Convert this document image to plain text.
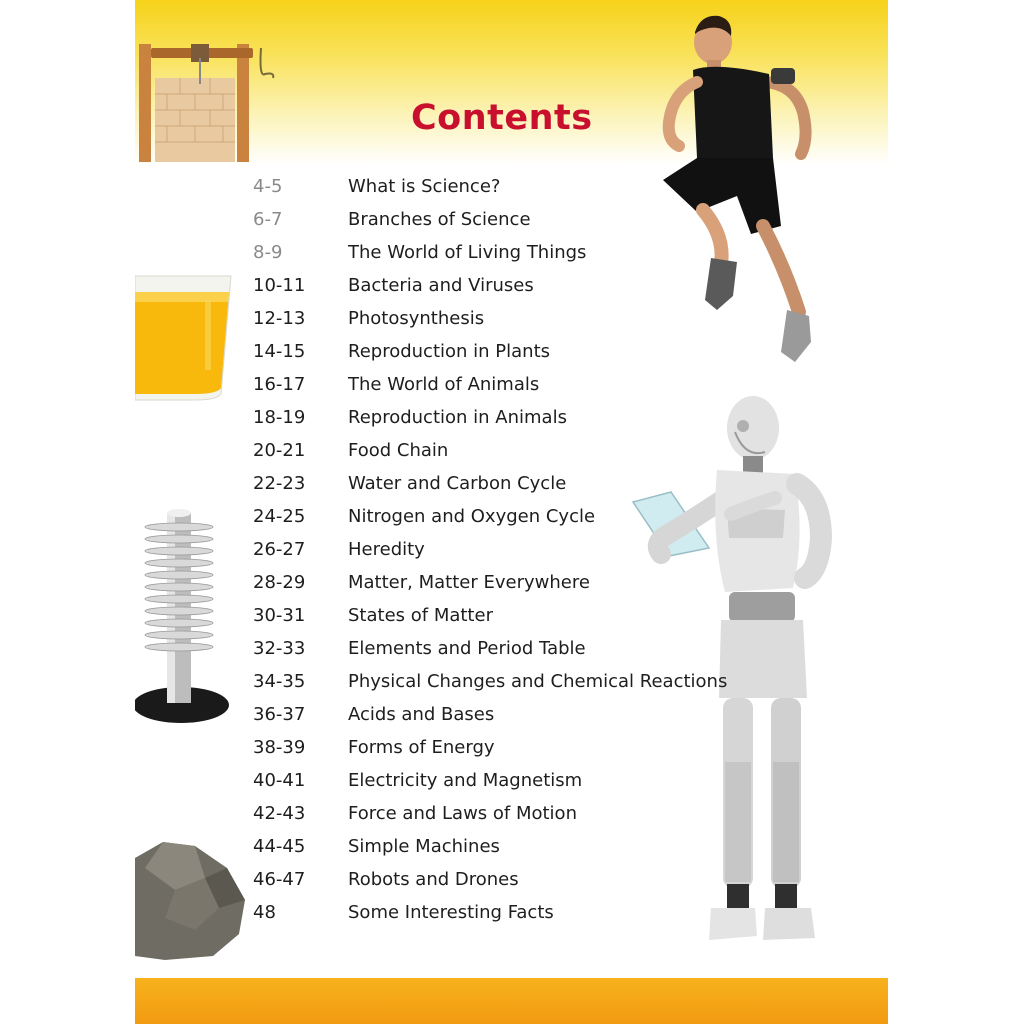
Contents
4-5	What is Science?
6-7	Branches of Science
8-9	The World of Living Things
10-11 Bacteria and Viruses
12-13 Photosynthesis
14-15 Reproduction in Plants
16-17 The World of Animals
18-19 Reproduction in Animals
20-21 Food Chain
22-23 Water and Carbon Cycle
24-25 Nitrogen and Oxygen Cycle
26-27 Heredity
28-29 Matter, Matter Everywhere
30-31 States of Matter
32-33 Elements and Period Table
34-35 Physical Changes and Chemical Reactions
36-37 Acids and Bases
38-39 Forms of Energy
40-41 Electricity and Magnetism
42-43 Force and Laws of Motion
44-45 Simple Machines
46-47 Robots and Drones
48	Some Interesting Facts
